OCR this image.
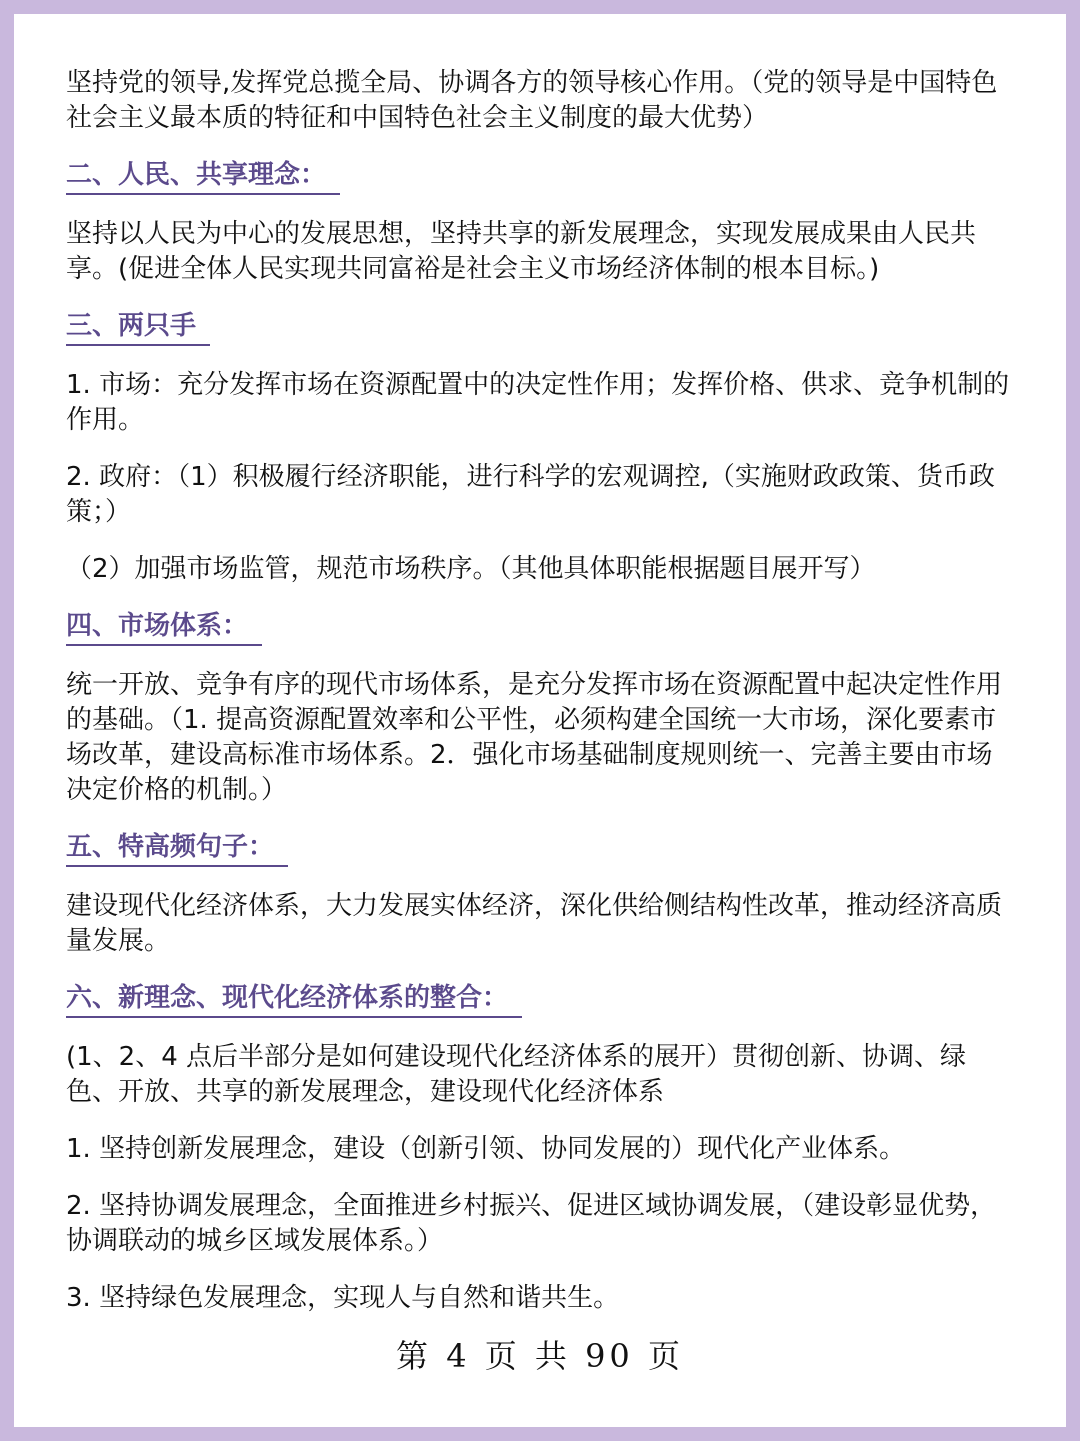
坚持党的领导,发挥党总揽全局、协调各方的领导核心作用。（党的领导是中国特色社会主义最本质的特征和中国特色社会主义制度的最大优势）

二、人民、共享理念：

坚持以人民为中心的发展思想，坚持共享的新发展理念，实现发展成果由人民共享。(促进全体人民实现共同富裕是社会主义市场经济体制的根本目标。)

三、两只手

1. 市场：充分发挥市场在资源配置中的决定性作用；发挥价格、供求、竞争机制的作用。

2. 政府：（1）积极履行经济职能，进行科学的宏观调控,（实施财政政策、货币政策；）

（2）加强市场监管，规范市场秩序。（其他具体职能根据题目展开写）

四、市场体系：

统一开放、竞争有序的现代市场体系，是充分发挥市场在资源配置中起决定性作用的基础。（1. 提高资源配置效率和公平性，必须构建全国统一大市场，深化要素市场改革，建设高标准市场体系。2．强化市场基础制度规则统一、完善主要由市场决定价格的机制。）

五、特高频句子：

建设现代化经济体系，大力发展实体经济，深化供给侧结构性改革，推动经济高质量发展。

六、新理念、现代化经济体系的整合：

(1、2、4 点后半部分是如何建设现代化经济体系的展开）贯彻创新、协调、绿色、开放、共享的新发展理念，建设现代化经济体系

1. 坚持创新发展理念，建设（创新引领、协同发展的）现代化产业体系。

2. 坚持协调发展理念，全面推进乡村振兴、促进区域协调发展，（建设彰显优势，协调联动的城乡区域发展体系。）

3. 坚持绿色发展理念，实现人与自然和谐共生。

第 4 页 共 90 页
